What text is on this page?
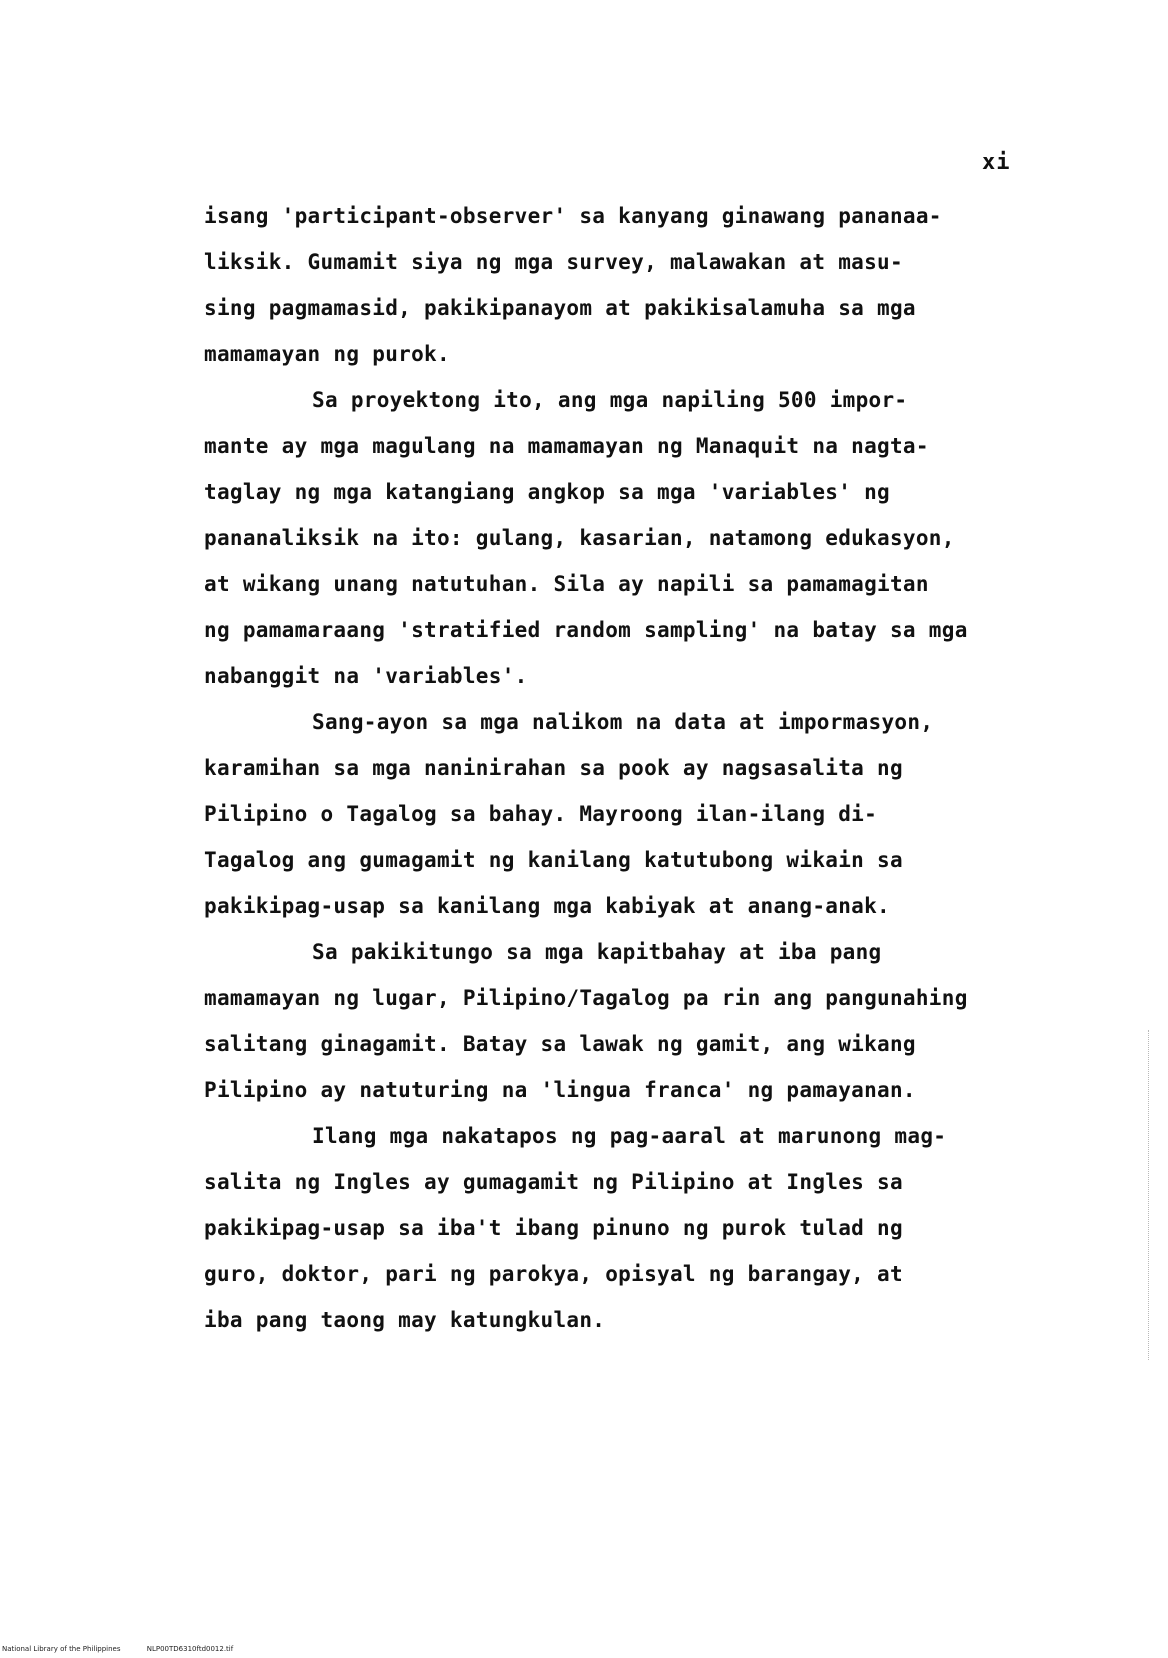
xi
isang 'participant-observer' sa kanyang ginawang pananaa-
liksik. Gumamit siya ng mga survey, malawakan at masu-
sing pagmamasid, pakikipanayom at pakikisalamuha sa mga
mamamayan ng purok.
Sa proyektong ito, ang mga napiling 500 impor-
mante ay mga magulang na mamamayan ng Manaquit na nagta-
taglay ng mga katangiang angkop sa mga 'variables' ng
pananaliksik na ito: gulang, kasarian, natamong edukasyon,
at wikang unang natutuhan. Sila ay napili sa pamamagitan
ng pamamaraang 'stratified random sampling' na batay sa mga
nabanggit na 'variables'.
Sang-ayon sa mga nalikom na data at impormasyon,
karamihan sa mga naninirahan sa pook ay nagsasalita ng
Pilipino o Tagalog sa bahay. Mayroong ilan-ilang di-
Tagalog ang gumagamit ng kanilang katutubong wikain sa
pakikipag-usap sa kanilang mga kabiyak at anang-anak.
Sa pakikitungo sa mga kapitbahay at iba pang
mamamayan ng lugar, Pilipino/Tagalog pa rin ang pangunahing
salitang ginagamit. Batay sa lawak ng gamit, ang wikang
Pilipino ay natuturing na 'lingua franca' ng pamayanan.
Ilang mga nakatapos ng pag-aaral at marunong mag-
salita ng Ingles ay gumagamit ng Pilipino at Ingles sa
pakikipag-usap sa iba't ibang pinuno ng purok tulad ng
guro, doktor, pari ng parokya, opisyal ng barangay, at
iba pang taong may katungkulan.
National Library of the Philippines	NLP00TD6310ftd0012.tif
